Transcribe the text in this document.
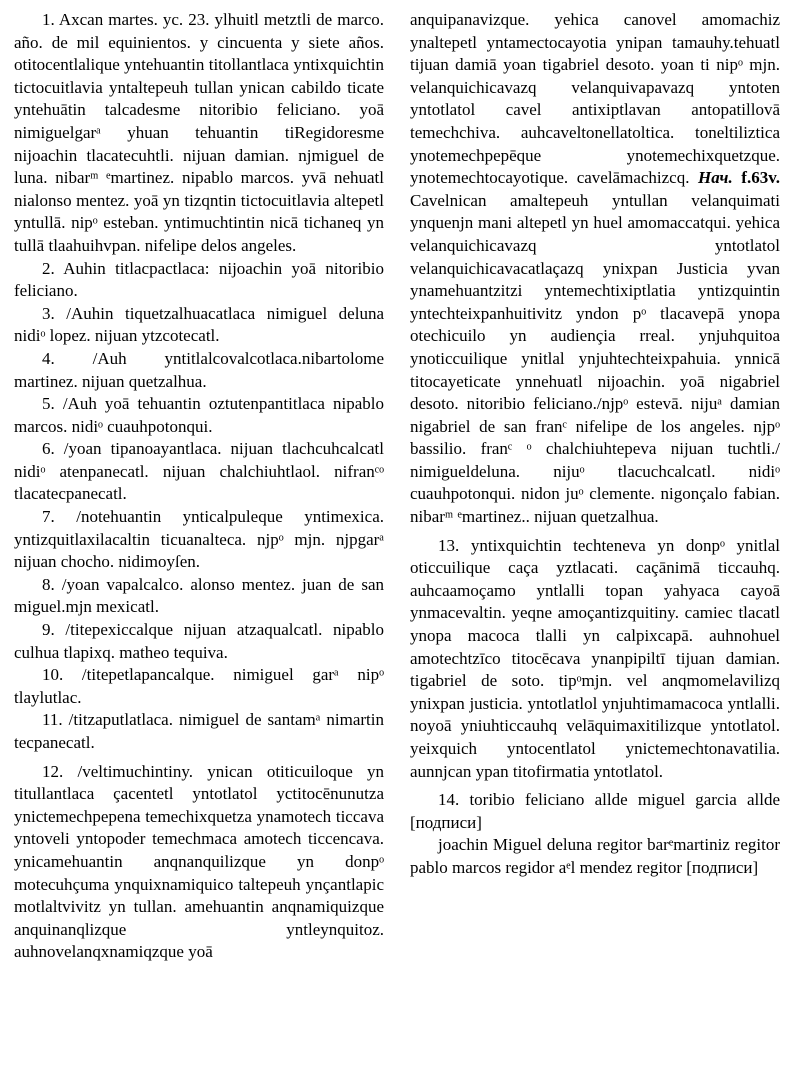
1. Axcan martes. yc. 23. ylhuitl metztli de marco. año. de mil equinientos. y cincuenta y siete años. otitocentlalique yntehuantin titollantlaca yntixquichtin tictocuitlavia yntaltepeuh tullan ynican cabildo ticate yntehuātin talcadesme nitoribio feliciano. yoā nimiguelgarᵃ yhuan tehuantin tiRegidoresme nijoachin tlacatecuhtli. nijuan damian. njmiguel de luna. nibarᵐ ᵉmartinez. nipablo marcos. yvā nehuatl nialonso mentez. yoā yn tizqntin tictocuitlavia altepetl yntullā. nipᵒ esteban. yntimuchtintin nicā tichaneq yn tullā tlaahuihvpan. nifelipe delos angeles.

2. Auhin titlacpactlaca: nijoachin yoā nitoribio feliciano.

3. /Auhin tiquetzalhuacatlaca nimiguel deluna nidiᵒ lopez. nijuan ytzcotecatl.

4. /Auh yntitlalcovalcotlaca.nibartolome martinez. nijuan quetzalhua.

5. /Auh yoā tehuantin oztutenpantitlaca nipablo marcos. nidiᵒ cuauhpotonqui.

6. /yoan tipanoayantlaca. nijuan tlachcuhcalcatl nidiᵒ atenpanecatl. nijuan chalchiuhtlaol. nifranᶜᵒ tlacatecpanecatl.

7. /notehuantin ynticalpuleque yntimexica. yntizquitlaxilacaltin ticuanalteca. njpᵒ mjn. njpgarᵃ nijuan chocho. nidimoyſen.

8. /yoan vapalcalco. alonso mentez. juan de san miguel.mjn mexicatl.

9. /titepexiccalque nijuan atzaqualcatl. nipablo culhua tlapixq. matheo tequiva.

10. /titepetlapancalque. nimiguel garᵃ nipᵒ tlaylutlac.

11. /titzaputlatlaca. nimiguel de santamᵃ nimartin tecpanecatl.

12. /veltimuchintiny. ynican otiticuiloque yn titullantlaca çacentetl yntotlatol yctitocēnunutza ynictemechpepena temechixquetza ynamotech ticcava yntoveli yntopoder temechmaca amotech ticcencava. ynicamehuantin anqnanquilizque yn donpᵒ motecuhçuma ynquixnamiquico taltepeuh ynçantlapic motlaltvivitz yn tullan. amehuantin anqnamiquizque anquinanqlizque yntleynquitoz. auhnovelanqxnamiqzque yoā

anquipanavizque. yehica canovel amomachiz ynaltepetl yntamectocayotia ynipan tamauhy.tehuatl tijuan damiā yoan tigabriel desoto. yoan ti nipᵒ mjn. velanquichicavazq velanquivapavazq yntoten yntotlatol cavel antixiptlavan antopatillovā temechchiva. auhcaveltonellatoltica. toneltiliztica ynotemechpepēque ynotemechixquetzque. ynotemechtocayotique. cavelāmachizcq. Нач. f.63v. Cavelnican amaltepeuh yntullan velanquimati ynquenjn mani altepetl yn huel amomaccatqui. yehica velanquichicavazq yntotlatol velanquichicavacatlaçazq ynixpan Justicia yvan ynamehuantzitzi yntemechtixiptlatia yntizquintin yntechteixpanhuitivitz yndon pᵒ tlacavepā ynopa otechicuilo yn audiençia rreal. ynjuhquitoa ynoticcuilique ynitlal ynjuhtechteixpahuia. ynnicā titocayeticate ynnehuatl nijoachin. yoā nigabriel desoto. nitoribio feliciano./njpᵒ estevā. nijuᵃ damian nigabriel de san franᶜ nifelipe de los angeles. njpᵒ bassilio. franᶜ ᵒ chalchiuhtepeva nijuan tuchtli./ nimigueldeluna. nijuᵒ tlacuchcalcatl. nidiᵒ cuauhpotonqui. nidon juᵒ clemente. nigonçalo fabian. nibarᵐ ᵉmartinez.. nijuan quetzalhua.

13. yntixquichtin techteneva yn donpᵒ ynitlal oticcuilique caça yztlacati. caçānimā ticcauhq. auhcaamoçamo yntlalli topan yahyaca cayoā ynmacevaltin. yeqne amoçantizquitiny. camiec tlacatl ynopa macoca tlalli yn calpixcapā. auhnohuel amotechtzīco titocēcava ynanpipiltī tijuan damian. tigabriel de soto. tipᵒmjn. vel anqmomelavilizq ynixpan justicia. yntotlatlol ynjuhtimamacoca yntlalli. noyoā yniuhticcauhq velāquimaxitilizque yntotlatol. yeixquich yntocentlatol ynictemechtonavatilia. aunnjcan ypan titofirmatia yntotlatol.

14. toribio feliciano allde miguel garcia allde [подписи]

joachin Miguel deluna regitor barᵉmartiniz regitor pablo marcos regidor aᵉl mendez regitor [подписи]
